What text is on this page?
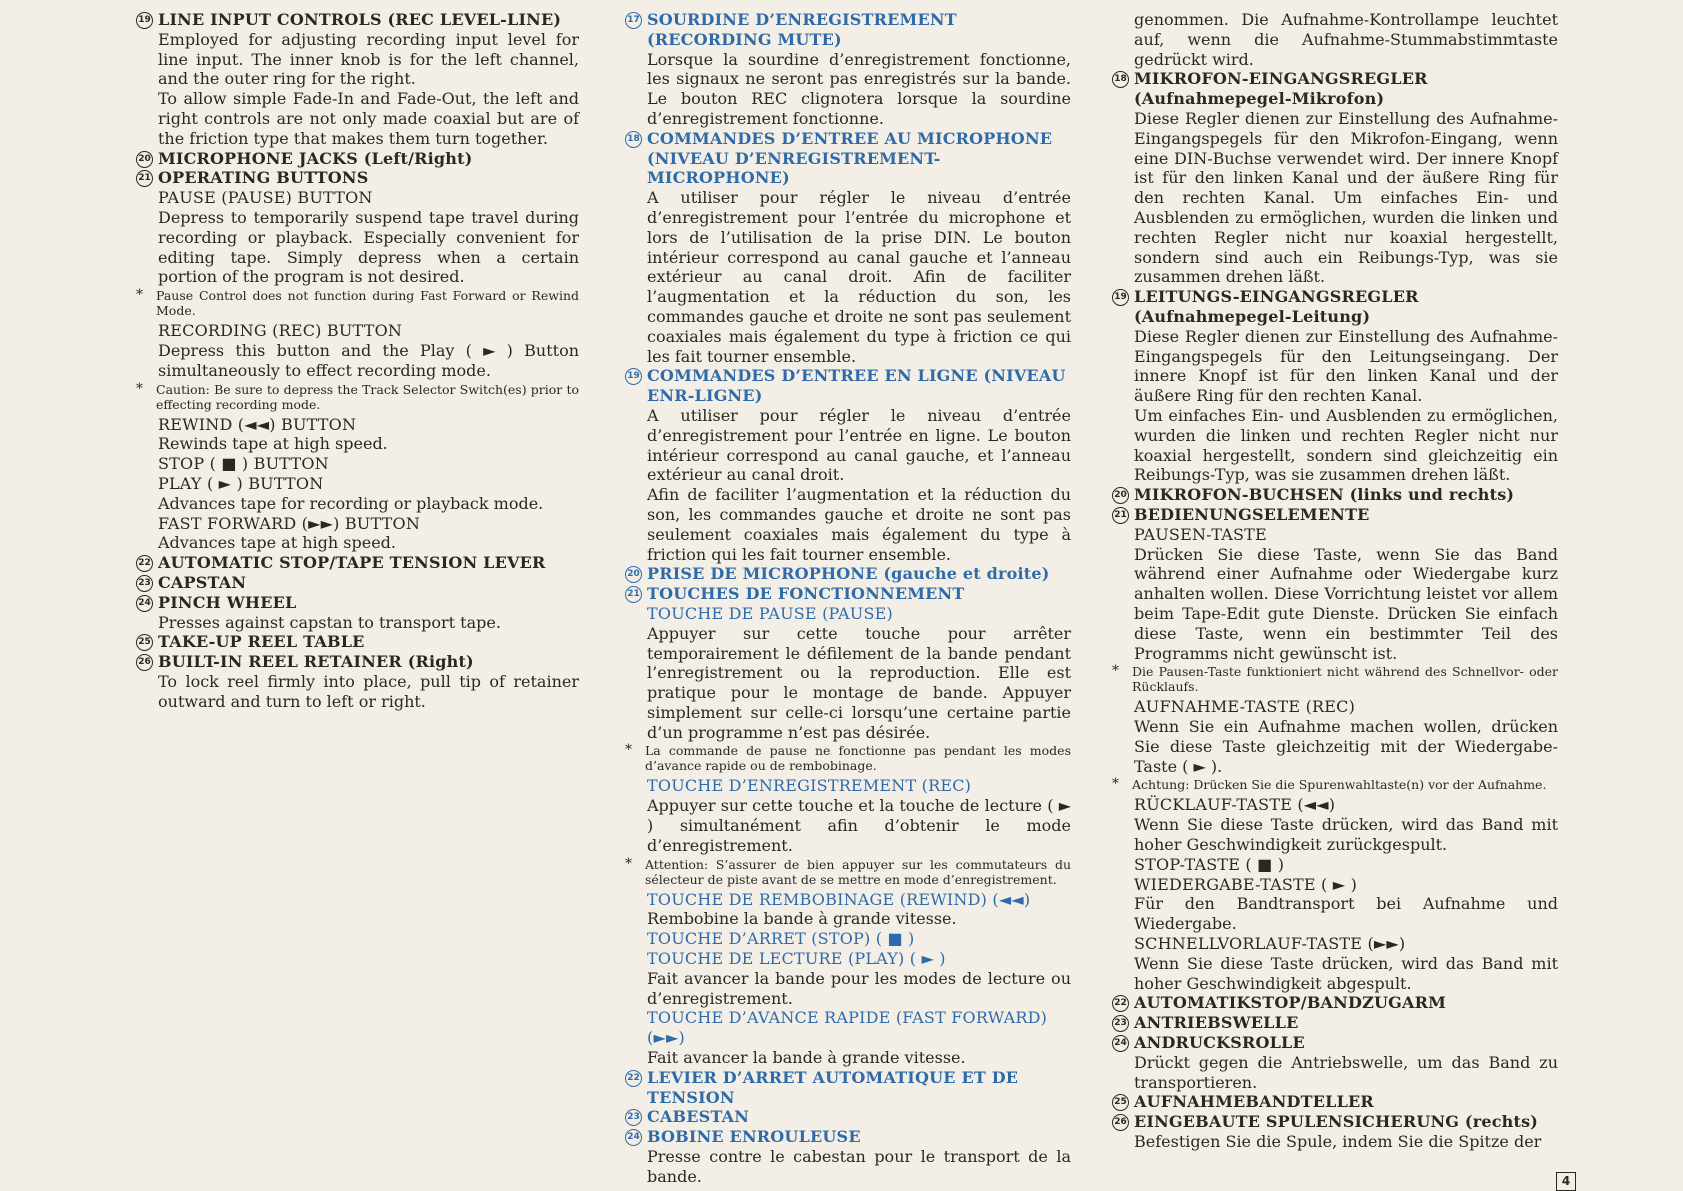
19 LINE INPUT CONTROLS (REC LEVEL-LINE)
Employed for adjusting recording input level for line input. The inner knob is for the left channel, and the outer ring for the right.
To allow simple Fade-In and Fade-Out, the left and right controls are not only made coaxial but are of the friction type that makes them turn together.
20 MICROPHONE JACKS (Left/Right)
21 OPERATING BUTTONS
PAUSE (PAUSE) BUTTON
Depress to temporarily suspend tape travel during recording or playback. Especially convenient for editing tape. Simply depress when a certain portion of the program is not desired.
* Pause Control does not function during Fast Forward or Rewind Mode.
RECORDING (REC) BUTTON
Depress this button and the Play ( ► ) Button simultaneously to effect recording mode.
* Caution: Be sure to depress the Track Selector Switch(es) prior to effecting recording mode.
REWIND (◄◄) BUTTON
Rewinds tape at high speed.
STOP ( ■ ) BUTTON
PLAY ( ► ) BUTTON
Advances tape for recording or playback mode.
FAST FORWARD (►►) BUTTON
Advances tape at high speed.
22 AUTOMATIC STOP/TAPE TENSION LEVER
23 CAPSTAN
24 PINCH WHEEL
Presses against capstan to transport tape.
25 TAKE-UP REEL TABLE
26 BUILT-IN REEL RETAINER (Right)
To lock reel firmly into place, pull tip of retainer outward and turn to left or right.
17 SOURDINE D’ENREGISTREMENT (RECORDING MUTE)
Lorsque la sourdine d’enregistrement fonctionne, les signaux ne seront pas enregistrés sur la bande. Le bouton REC clignotera lorsque la sourdine d’enregistrement fonctionne.
18 COMMANDES D’ENTREE AU MICROPHONE (NIVEAU D’ENREGISTREMENT-MICROPHONE)
A utiliser pour régler le niveau d’entrée d’enregistrement pour l’entrée du microphone et lors de l’utilisation de la prise DIN. Le bouton intérieur correspond au canal gauche et l’anneau extérieur au canal droit. Afin de faciliter l’augmentation et la réduction du son, les commandes gauche et droite ne sont pas seulement coaxiales mais également du type à friction ce qui les fait tourner ensemble.
19 COMMANDES D’ENTREE EN LIGNE (NIVEAU ENR-LIGNE)
A utiliser pour régler le niveau d’entrée d’enregistrement pour l’entrée en ligne. Le bouton intérieur correspond au canal gauche, et l’anneau extérieur au canal droit.
Afin de faciliter l’augmentation et la réduction du son, les commandes gauche et droite ne sont pas seulement coaxiales mais également du type à friction qui les fait tourner ensemble.
20 PRISE DE MICROPHONE (gauche et droite)
21 TOUCHES DE FONCTIONNEMENT
TOUCHE DE PAUSE (PAUSE)
Appuyer sur cette touche pour arrêter temporairement le défilement de la bande pendant l’enregistrement ou la reproduction. Elle est pratique pour le montage de bande. Appuyer simplement sur celle-ci lorsqu’une certaine partie d’un programme n’est pas désirée.
* La commande de pause ne fonctionne pas pendant les modes d’avance rapide ou de rembobinage.
TOUCHE D’ENREGISTREMENT (REC)
Appuyer sur cette touche et la touche de lecture ( ► ) simultanément afin d’obtenir le mode d’enregistrement.
* Attention: S’assurer de bien appuyer sur les commutateurs du sélecteur de piste avant de se mettre en mode d’enregistrement.
TOUCHE DE REMBOBINAGE (REWIND) (◄◄)
Rembobine la bande à grande vitesse.
TOUCHE D’ARRET (STOP) ( ■ )
TOUCHE DE LECTURE (PLAY) ( ► )
Fait avancer la bande pour les modes de lecture ou d’enregistrement.
TOUCHE D’AVANCE RAPIDE (FAST FORWARD) (►►)
Fait avancer la bande à grande vitesse.
22 LEVIER D’ARRET AUTOMATIQUE ET DE TENSION
23 CABESTAN
24 BOBINE ENROULEUSE
Presse contre le cabestan pour le transport de la bande.
genommen. Die Aufnahme-Kontrollampe leuchtet auf, wenn die Aufnahme-Stummabstimmtaste gedrückt wird.
18 MIKROFON-EINGANGSREGLER (Aufnahmepegel-Mikrofon)
Diese Regler dienen zur Einstellung des Aufnahme-Eingangspegels für den Mikrofon-Eingang, wenn eine DIN-Buchse verwendet wird. Der innere Knopf ist für den linken Kanal und der äußere Ring für den rechten Kanal. Um einfaches Ein- und Ausblenden zu ermöglichen, wurden die linken und rechten Regler nicht nur koaxial hergestellt, sondern sind auch ein Reibungs-Typ, was sie zusammen drehen läßt.
19 LEITUNGS-EINGANGSREGLER (Aufnahmepegel-Leitung)
Diese Regler dienen zur Einstellung des Aufnahme-Eingangspegels für den Leitungseingang. Der innere Knopf ist für den linken Kanal und der äußere Ring für den rechten Kanal.
Um einfaches Ein- und Ausblenden zu ermöglichen, wurden die linken und rechten Regler nicht nur koaxial hergestellt, sondern sind gleichzeitig ein Reibungs-Typ, was sie zusammen drehen läßt.
20 MIKROFON-BUCHSEN (links und rechts)
21 BEDIENUNGSELEMENTE
PAUSEN-TASTE
Drücken Sie diese Taste, wenn Sie das Band während einer Aufnahme oder Wiedergabe kurz anhalten wollen. Diese Vorrichtung leistet vor allem beim Tape-Edit gute Dienste. Drücken Sie einfach diese Taste, wenn ein bestimmter Teil des Programms nicht gewünscht ist.
* Die Pausen-Taste funktioniert nicht während des Schnellvor- oder Rücklaufs.
AUFNAHME-TASTE (REC)
Wenn Sie ein Aufnahme machen wollen, drücken Sie diese Taste gleichzeitig mit der Wiedergabe-Taste ( ► ).
* Achtung: Drücken Sie die Spurenwahltaste(n) vor der Aufnahme.
RÜCKLAUF-TASTE (◄◄)
Wenn Sie diese Taste drücken, wird das Band mit hoher Geschwindigkeit zurückgespult.
STOP-TASTE ( ■ )
WIEDERGABE-TASTE ( ► )
Für den Bandtransport bei Aufnahme und Wiedergabe.
SCHNELLVORLAUF-TASTE (►►)
Wenn Sie diese Taste drücken, wird das Band mit hoher Geschwindigkeit abgespult.
22 AUTOMATIKSTOP/BANDZUGARM
23 ANTRIEBSWELLE
24 ANDRUCKSROLLE
Drückt gegen die Antriebswelle, um das Band zu transportieren.
25 AUFNAHMEBANDTELLER
26 EINGEBAUTE SPULENSICHERUNG (rechts)
Befestigen Sie die Spule, indem Sie die Spitze der
4
